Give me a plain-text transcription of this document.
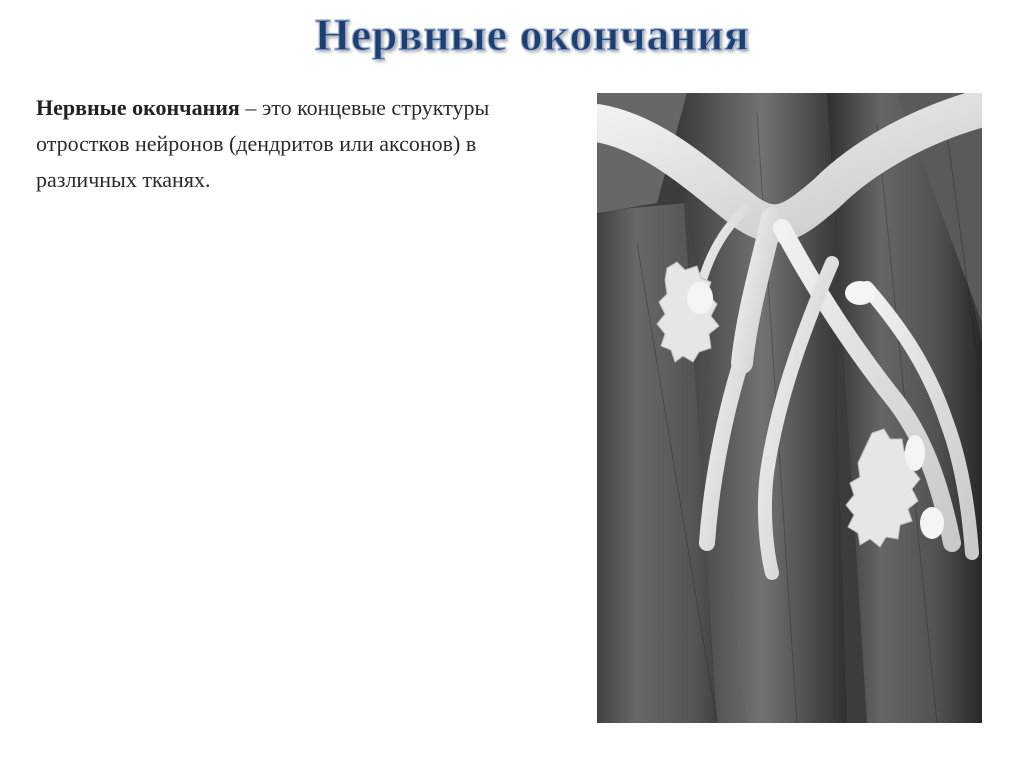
Нервные окончания
Нервные окончания – это концевые структуры отростков нейронов (дендритов или аксонов) в различных тканях.
